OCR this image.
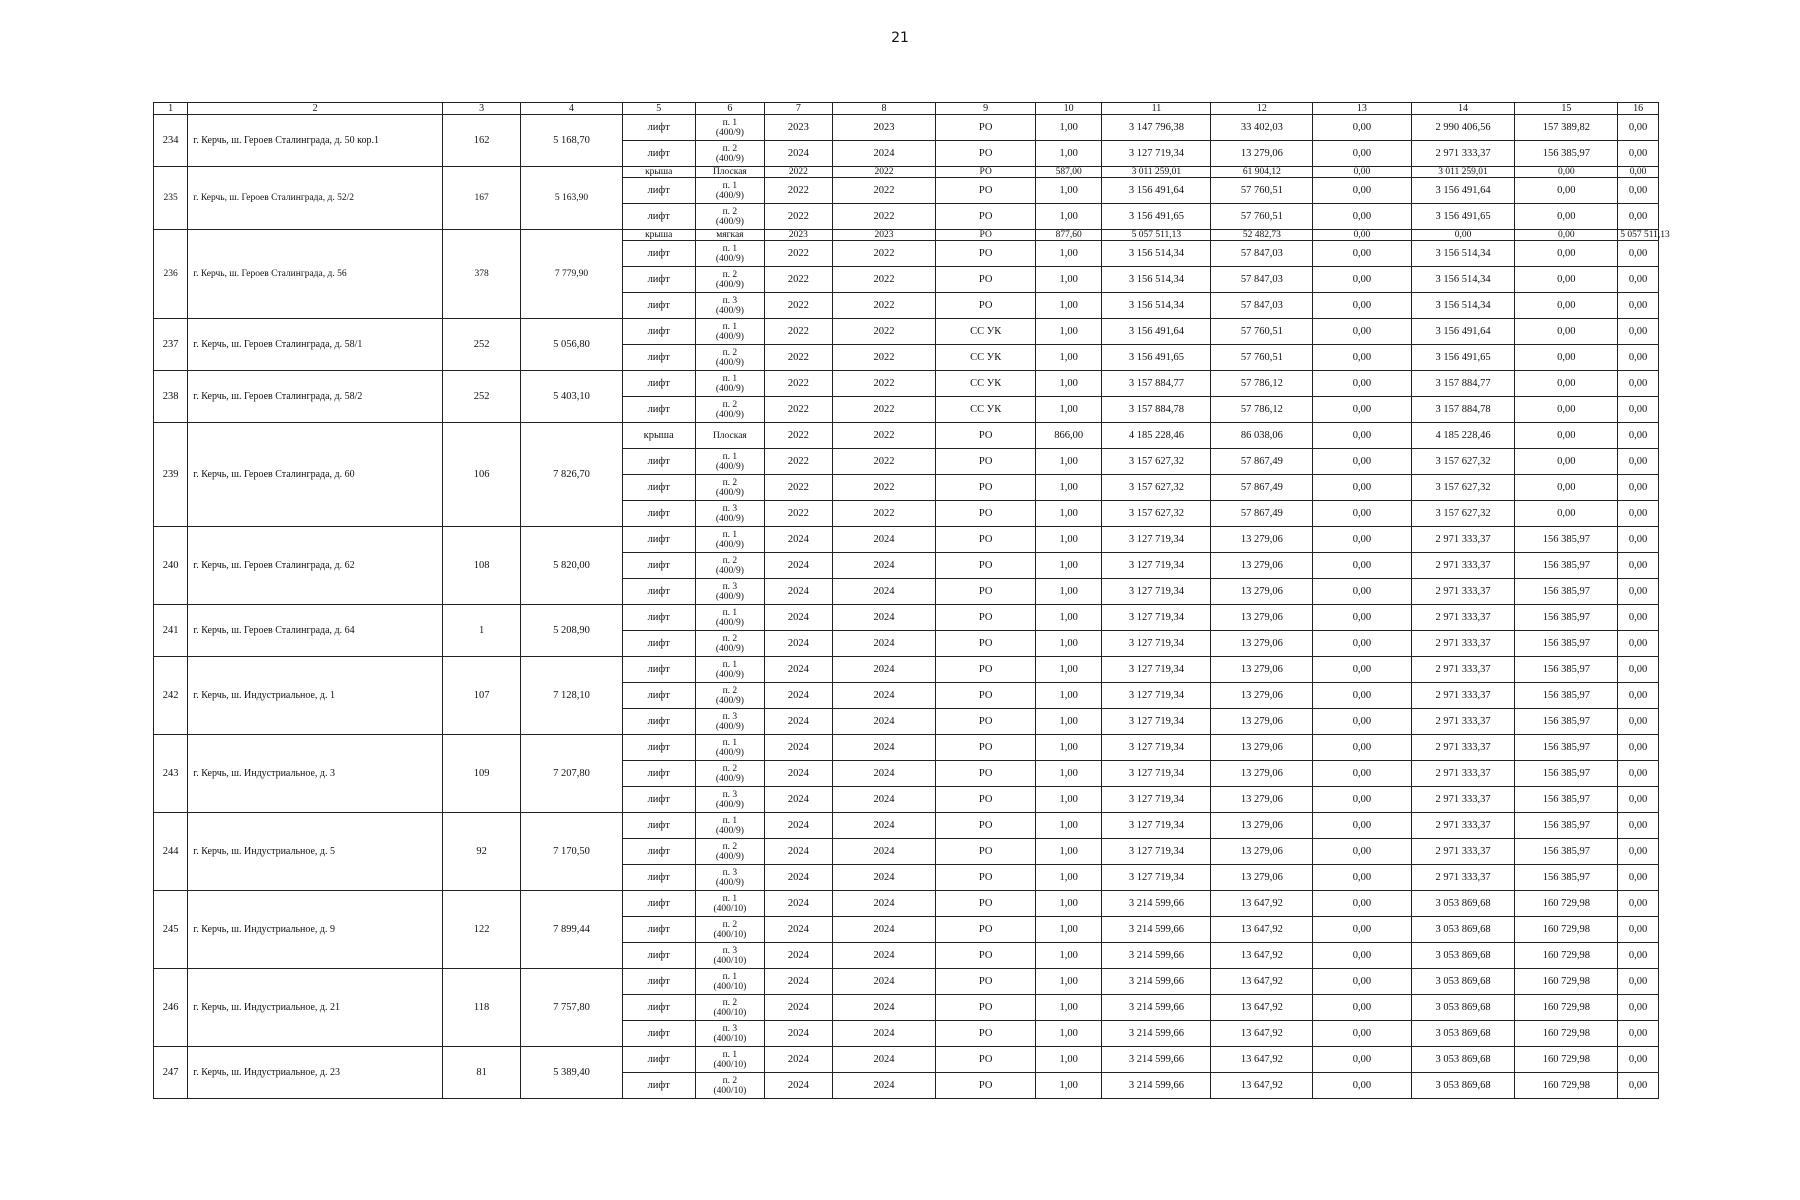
21
1	2	3	4	5	6	7	8	9	10	11	12	13	14	15	16
234	г. Керчь, ш. Героев Сталинграда, д. 50 кор.1	162	5 168,70	лифт	п. 1
(400/9)	2023	2023	РО	1,00	3 147 796,38	33 402,03	0,00	2 990 406,56	157 389,82	0,00
				лифт	п. 2
(400/9)	2024	2024	РО	1,00	3 127 719,34	13 279,06	0,00	2 971 333,37	156 385,97	0,00
235	г. Керчь, ш. Героев Сталинграда, д. 52/2	167	5 163,90	крыша	Плоская	2022	2022	РО	587,00	3 011 259,01	61 904,12	0,00	3 011 259,01	0,00	0,00
				лифт	п. 1
(400/9)	2022	2022	РО	1,00	3 156 491,64	57 760,51	0,00	3 156 491,64	0,00	0,00
				лифт	п. 2
(400/9)	2022	2022	РО	1,00	3 156 491,65	57 760,51	0,00	3 156 491,65	0,00	0,00
236	г. Керчь, ш. Героев Сталинграда, д. 56	378	7 779,90	крыша	мягкая	2023	2023	РО	877,60	5 057 511,13	52 482,73	0,00	0,00	0,00	5 057 511,13
				лифт	п. 1
(400/9)	2022	2022	РО	1,00	3 156 514,34	57 847,03	0,00	3 156 514,34	0,00	0,00
				лифт	п. 2
(400/9)	2022	2022	РО	1,00	3 156 514,34	57 847,03	0,00	3 156 514,34	0,00	0,00
				лифт	п. 3
(400/9)	2022	2022	РО	1,00	3 156 514,34	57 847,03	0,00	3 156 514,34	0,00	0,00
237	г. Керчь, ш. Героев Сталинграда, д. 58/1	252	5 056,80	лифт	п. 1
(400/9)	2022	2022	СС УК	1,00	3 156 491,64	57 760,51	0,00	3 156 491,64	0,00	0,00
				лифт	п. 2
(400/9)	2022	2022	СС УК	1,00	3 156 491,65	57 760,51	0,00	3 156 491,65	0,00	0,00
238	г. Керчь, ш. Героев Сталинграда, д. 58/2	252	5 403,10	лифт	п. 1
(400/9)	2022	2022	СС УК	1,00	3 157 884,77	57 786,12	0,00	3 157 884,77	0,00	0,00
				лифт	п. 2
(400/9)	2022	2022	СС УК	1,00	3 157 884,78	57 786,12	0,00	3 157 884,78	0,00	0,00
239	г. Керчь, ш. Героев Сталинграда, д. 60	106	7 826,70	крыша	Плоская	2022	2022	РО	866,00	4 185 228,46	86 038,06	0,00	4 185 228,46	0,00	0,00
				лифт	п. 1
(400/9)	2022	2022	РО	1,00	3 157 627,32	57 867,49	0,00	3 157 627,32	0,00	0,00
				лифт	п. 2
(400/9)	2022	2022	РО	1,00	3 157 627,32	57 867,49	0,00	3 157 627,32	0,00	0,00
				лифт	п. 3
(400/9)	2022	2022	РО	1,00	3 157 627,32	57 867,49	0,00	3 157 627,32	0,00	0,00
240	г. Керчь, ш. Героев Сталинграда, д. 62	108	5 820,00	лифт	п. 1
(400/9)	2024	2024	РО	1,00	3 127 719,34	13 279,06	0,00	2 971 333,37	156 385,97	0,00
				лифт	п. 2
(400/9)	2024	2024	РО	1,00	3 127 719,34	13 279,06	0,00	2 971 333,37	156 385,97	0,00
				лифт	п. 3
(400/9)	2024	2024	РО	1,00	3 127 719,34	13 279,06	0,00	2 971 333,37	156 385,97	0,00
241	г. Керчь, ш. Героев Сталинграда, д. 64	1	5 208,90	лифт	п. 1
(400/9)	2024	2024	РО	1,00	3 127 719,34	13 279,06	0,00	2 971 333,37	156 385,97	0,00
				лифт	п. 2
(400/9)	2024	2024	РО	1,00	3 127 719,34	13 279,06	0,00	2 971 333,37	156 385,97	0,00
242	г. Керчь, ш. Индустриальное, д. 1	107	7 128,10	лифт	п. 1
(400/9)	2024	2024	РО	1,00	3 127 719,34	13 279,06	0,00	2 971 333,37	156 385,97	0,00
				лифт	п. 2
(400/9)	2024	2024	РО	1,00	3 127 719,34	13 279,06	0,00	2 971 333,37	156 385,97	0,00
				лифт	п. 3
(400/9)	2024	2024	РО	1,00	3 127 719,34	13 279,06	0,00	2 971 333,37	156 385,97	0,00
243	г. Керчь, ш. Индустриальное, д. 3	109	7 207,80	лифт	п. 1
(400/9)	2024	2024	РО	1,00	3 127 719,34	13 279,06	0,00	2 971 333,37	156 385,97	0,00
				лифт	п. 2
(400/9)	2024	2024	РО	1,00	3 127 719,34	13 279,06	0,00	2 971 333,37	156 385,97	0,00
				лифт	п. 3
(400/9)	2024	2024	РО	1,00	3 127 719,34	13 279,06	0,00	2 971 333,37	156 385,97	0,00
244	г. Керчь, ш. Индустриальное, д. 5	92	7 170,50	лифт	п. 1
(400/9)	2024	2024	РО	1,00	3 127 719,34	13 279,06	0,00	2 971 333,37	156 385,97	0,00
				лифт	п. 2
(400/9)	2024	2024	РО	1,00	3 127 719,34	13 279,06	0,00	2 971 333,37	156 385,97	0,00
				лифт	п. 3
(400/9)	2024	2024	РО	1,00	3 127 719,34	13 279,06	0,00	2 971 333,37	156 385,97	0,00
245	г. Керчь, ш. Индустриальное, д. 9	122	7 899,44	лифт	п. 1
(400/10)	2024	2024	РО	1,00	3 214 599,66	13 647,92	0,00	3 053 869,68	160 729,98	0,00
				лифт	п. 2
(400/10)	2024	2024	РО	1,00	3 214 599,66	13 647,92	0,00	3 053 869,68	160 729,98	0,00
				лифт	п. 3
(400/10)	2024	2024	РО	1,00	3 214 599,66	13 647,92	0,00	3 053 869,68	160 729,98	0,00
246	г. Керчь, ш. Индустриальное, д. 21	118	7 757,80	лифт	п. 1
(400/10)	2024	2024	РО	1,00	3 214 599,66	13 647,92	0,00	3 053 869,68	160 729,98	0,00
				лифт	п. 2
(400/10)	2024	2024	РО	1,00	3 214 599,66	13 647,92	0,00	3 053 869,68	160 729,98	0,00
				лифт	п. 3
(400/10)	2024	2024	РО	1,00	3 214 599,66	13 647,92	0,00	3 053 869,68	160 729,98	0,00
247	г. Керчь, ш. Индустриальное, д. 23	81	5 389,40	лифт	п. 1
(400/10)	2024	2024	РО	1,00	3 214 599,66	13 647,92	0,00	3 053 869,68	160 729,98	0,00
				лифт	п. 2
(400/10)	2024	2024	РО	1,00	3 214 599,66	13 647,92	0,00	3 053 869,68	160 729,98	0,00
